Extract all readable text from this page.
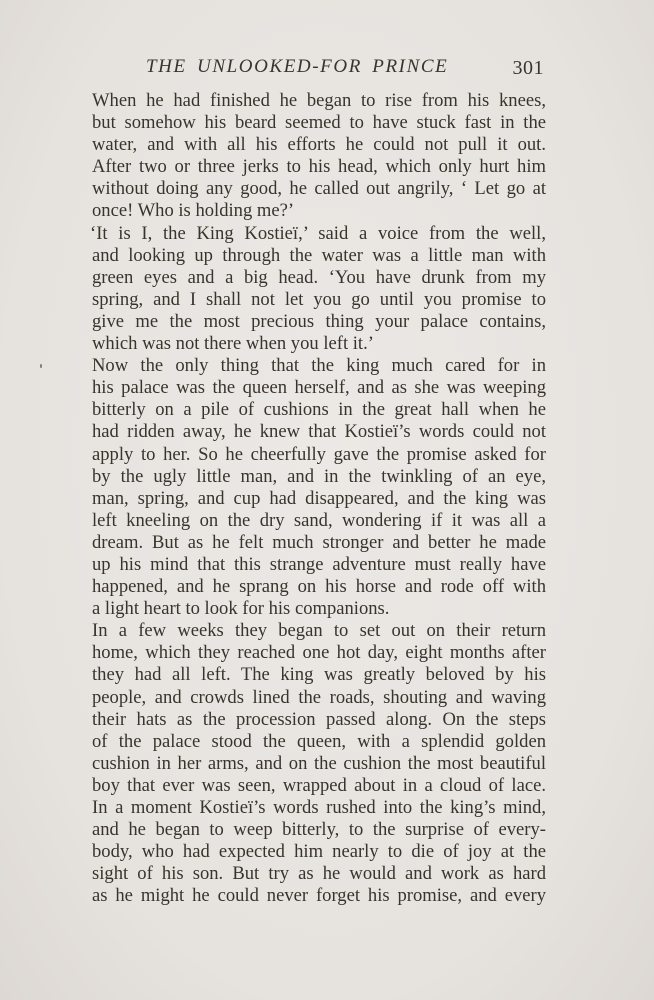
THE UNLOOKED-FOR PRINCE	301
When he had finished he began to rise from his knees,
but somehow his beard seemed to have stuck fast in the
water, and with all his efforts he could not pull it out.
After two or three jerks to his head, which only hurt him
without doing any good, he called out angrily, ‘ Let go at
once! Who is holding me?’
‘It is I, the King Kostieï,’ said a voice from the well,
and looking up through the water was a little man with
green eyes and a big head. ‘You have drunk from my
spring, and I shall not let you go until you promise to
give me the most precious thing your palace contains,
which was not there when you left it.’
Now the only thing that the king much cared for in
his palace was the queen herself, and as she was weeping
bitterly on a pile of cushions in the great hall when he
had ridden away, he knew that Kostieï’s words could not
apply to her. So he cheerfully gave the promise asked for
by the ugly little man, and in the twinkling of an eye,
man, spring, and cup had disappeared, and the king was
left kneeling on the dry sand, wondering if it was all a
dream. But as he felt much stronger and better he made
up his mind that this strange adventure must really have
happened, and he sprang on his horse and rode off with
a light heart to look for his companions.
In a few weeks they began to set out on their return
home, which they reached one hot day, eight months after
they had all left. The king was greatly beloved by his
people, and crowds lined the roads, shouting and waving
their hats as the procession passed along. On the steps
of the palace stood the queen, with a splendid golden
cushion in her arms, and on the cushion the most beautiful
boy that ever was seen, wrapped about in a cloud of lace.
In a moment Kostieï’s words rushed into the king’s mind,
and he began to weep bitterly, to the surprise of every-
body, who had expected him nearly to die of joy at the
sight of his son. But try as he would and work as hard
as he might he could never forget his promise, and every
